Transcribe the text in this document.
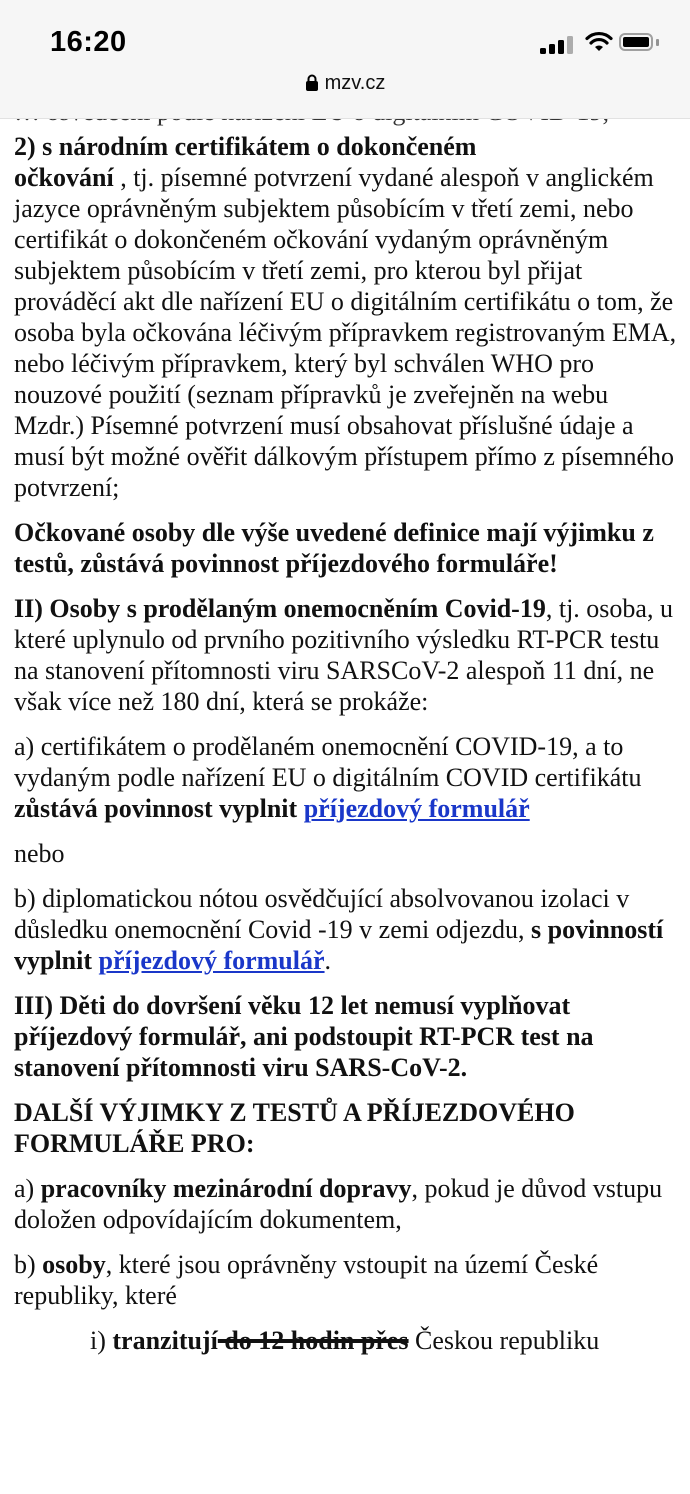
16:20
mzv.cz

2) s národním certifikátem o dokončeném
očkování , tj. písemné potvrzení vydané alespoň v anglickém jazyce oprávněným subjektem působícím v třetí zemi, nebo certifikát o dokončeném očkování vydaným oprávněným subjektem působícím v třetí zemi, pro kterou byl přijat prováděcí akt dle nařízení EU o digitálním certifikátu o tom, že osoba byla očkována léčivým přípravkem registrovaným EMA, nebo léčivým přípravkem, který byl schválen WHO pro nouzové použití (seznam přípravků je zveřejněn na webu Mzdr.) Písemné potvrzení musí obsahovat příslušné údaje a musí být možné ověřit dálkovým přístupem přímo z písemného potvrzení;

Očkované osoby dle výše uvedené definice mají výjimku z testů, zůstává povinnost příjezdového formuláře!

II) Osoby s prodělaným onemocněním Covid-19, tj. osoba, u které uplynulo od prvního pozitivního výsledku RT-PCR testu na stanovení přítomnosti viru SARSCoV-2 alespoň 11 dní, ne však více než 180 dní, která se prokáže:

a) certifikátem o prodělaném onemocnění COVID-19, a to vydaným podle nařízení EU o digitálním COVID certifikátu zůstává povinnost vyplnit příjezdový formulář

nebo

b) diplomatickou nótou osvědčující absolvovanou izolaci v důsledku onemocnění Covid -19 v zemi odjezdu, s povinností vyplnit příjezdový formulář.

III) Děti do dovršení věku 12 let nemusí vyplňovat příjezdový formulář, ani podstoupit RT-PCR test na stanovení přítomnosti viru SARS-CoV-2.

DALŠÍ VÝJIMKY Z TESTŮ A PŘÍJEZDOVÉHO FORMULÁŘE PRO:

a) pracovníky mezinárodní dopravy, pokud je důvod vstupu doložen odpovídajícím dokumentem,

b) osoby, které jsou oprávněny vstoupit na území České republiky, které

i) tranzitují do 12 hodin přes Českou republiku
